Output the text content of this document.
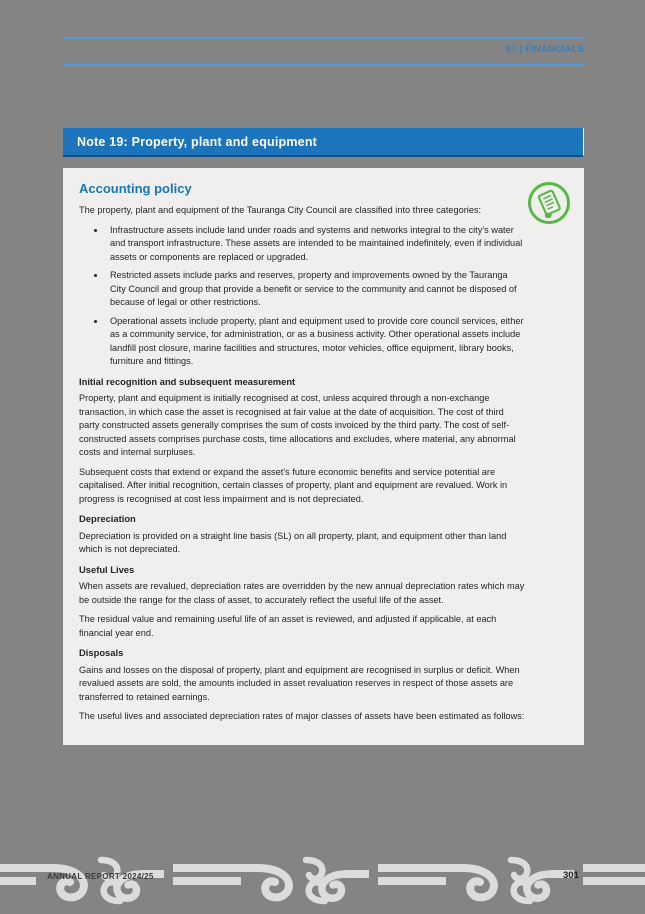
07 | FINANCIALS
Note 19: Property, plant and equipment
Accounting policy

The property, plant and equipment of the Tauranga City Council are classified into three categories:

• Infrastructure assets include land under roads and systems and networks integral to the city’s water and transport infrastructure. These assets are intended to be maintained indefinitely, even if individual assets or components are replaced or upgraded.
• Restricted assets include parks and reserves, property and improvements owned by the Tauranga City Council and group that provide a benefit or service to the community and cannot be disposed of because of legal or other restrictions.
• Operational assets include property, plant and equipment used to provide core council services, either as a community service, for administration, or as a business activity. Other operational assets include landfill post closure, marine facilities and structures, motor vehicles, office equipment, library books, furniture and fittings.
Initial recognition and subsequent measurement

Property, plant and equipment is initially recognised at cost, unless acquired through a non-exchange transaction, in which case the asset is recognised at fair value at the date of acquisition. The cost of third party constructed assets generally comprises the sum of costs invoiced by the third party. The cost of self-constructed assets comprises purchase costs, time allocations and excludes, where material, any abnormal costs and internal surpluses.

Subsequent costs that extend or expand the asset’s future economic benefits and service potential are capitalised. After initial recognition, certain classes of property, plant and equipment are revalued. Work in progress is recognised at cost less impairment and is not depreciated.

Depreciation

Depreciation is provided on a straight line basis (SL) on all property, plant, and equipment other than land which is not depreciated.

Useful Lives

When assets are revalued, depreciation rates are overridden by the new annual depreciation rates which may be outside the range for the class of asset, to accurately reflect the useful life of the asset.

The residual value and remaining useful life of an asset is reviewed, and adjusted if applicable, at each financial year end.

Disposals

Gains and losses on the disposal of property, plant and equipment are recognised in surplus or deficit. When revalued assets are sold, the amounts included in asset revaluation reserves in respect of those assets are transferred to retained earnings.

The useful lives and associated depreciation rates of major classes of assets have been estimated as follows:

ANNUAL REPORT 2024/25	301
